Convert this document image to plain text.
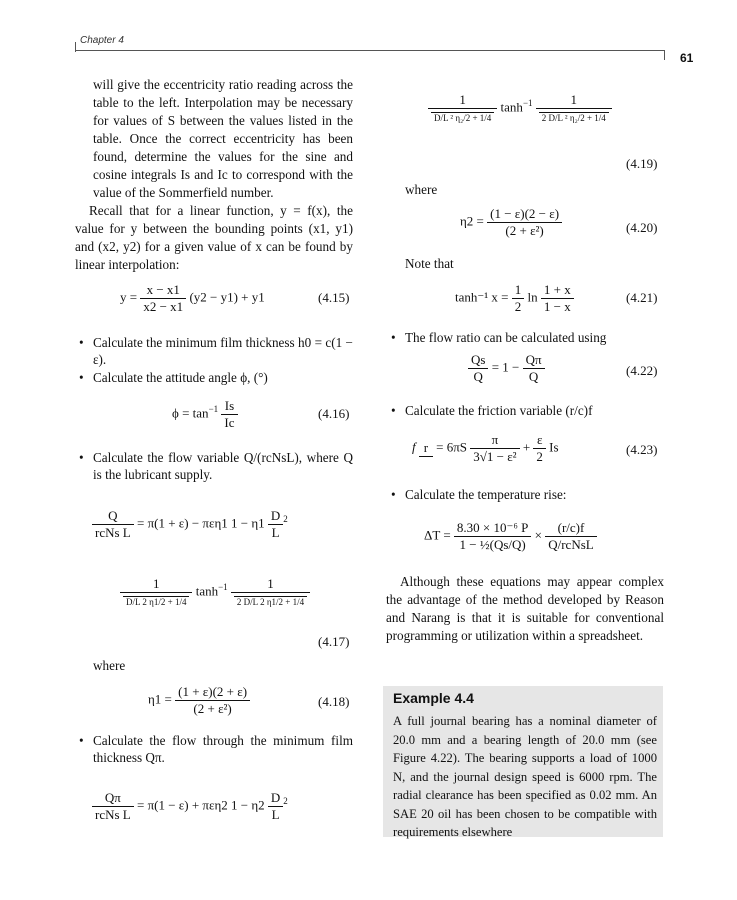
Chapter 4
61
will give the eccentricity ratio reading across the table to the left. Interpolation may be necessary for values of S between the values listed in the table. Once the correct eccentricity has been found, determine the values for the sine and cosine integrals Is and Ic to correspond with the value of the Sommerfield number.
Recall that for a linear function, y = f(x), the value for y between the bounding points (x1, y1) and (x2, y2) for a given value of x can be found by linear interpolation:
$y = \frac{x - x1}{x2 - x1} (y2 - y1) + y1$	(4.15)
• Calculate the minimum film thickness h0 = c(1 − ε).
• Calculate the attitude angle ϕ, (°)
$\phi = \tan^{-1} \frac{Is}{Ic}$	(4.16)
• Calculate the flow variable Q/(rcNsL), where Q is the lubricant supply.
$\frac{Q}{\text{rcNs L}} = \pi(1 + \varepsilon) - \pi\varepsilon\eta 1$ $1 - \eta 1 \frac{D}{L} ^2$
$\frac{1}{D/L 2 \eta 1/2 + 1/4} \tanh^{-1} \frac{1}{2 D/L 2 \eta 1/2 + 1/4}$
(4.17)
where
$\eta 1 = \frac{(1 + \varepsilon)(2 + \varepsilon)}{\text{(2 + ε²)}}$	(4.18)
• Calculate the flow through the minimum film thickness Qπ.
$\frac{Q\pi}{\text{rcNs L}} = \pi(1 - \varepsilon) + \pi\varepsilon\eta 2$ $1 - \eta 2 \frac{D}{L} ^2$
$\frac{1}{\text{D/L ² η₂/2 + 1/4}} \tanh^{-1} \frac{1}{\text{2 D/L ² η₂/2 + 1/4}}$
(4.19)
where
$\eta 2 = \frac{(1 - \varepsilon)(2 - \varepsilon)}{\text{(2 + ε²)}}$	(4.20)
Note that
tanh⁻¹ $x = \frac{1}{2}$ $\ln \frac{1 + x}{1 - x}$	(4.21)
• The flow ratio can be calculated using
$\frac{Qs}{Q} = 1 - \frac{Q\pi}{Q}$	(4.22)
• Calculate the friction variable (r/c)f
f $r = 6\pi S \frac{\pi}{\text{3√1 − ε²}} + \frac{\varepsilon}{2}$ Is	(4.23)
• Calculate the temperature rise:
$\Delta T = \frac{\text{8.30 × 10⁻⁶ P}}{\text{1 − ½(Qs/Q)}} \times \frac{(r/c)f}{\text{Q/rcNsL}}$
Although these equations may appear complex the advantage of the method developed by Reason and Narang is that it is suitable for conventional programming or utilization within a spreadsheet.
Example 4.4
A full journal bearing has a nominal diameter of 20.0 mm and a bearing length of 20.0 mm (see Figure 4.22). The bearing supports a load of 1000 N, and the journal design speed is 6000 rpm. The radial clearance has been specified as 0.02 mm. An SAE 20 oil has been chosen to be compatible with requirements elsewhere
